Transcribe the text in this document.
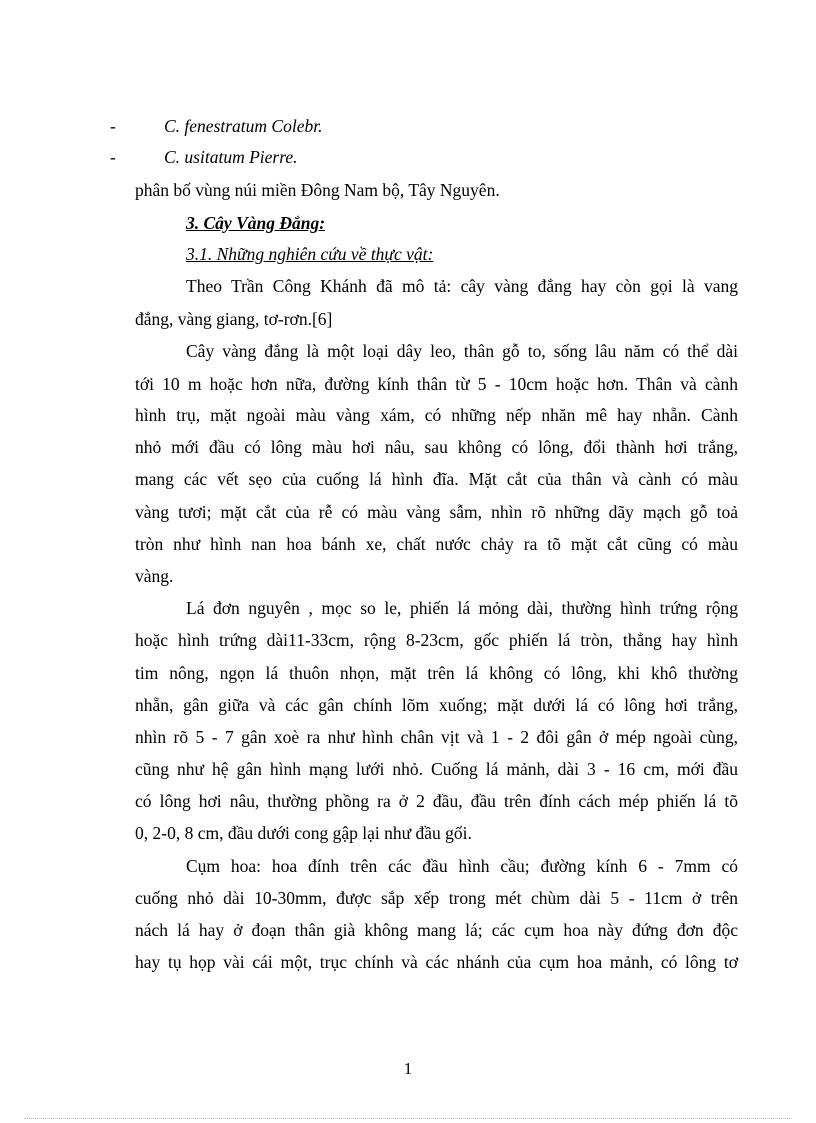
-	C. fenestratum Colebr.
-	C. usitatum Pierre.
phân bố vùng núi miền Đông Nam bộ, Tây Nguyên.
3. Cây Vàng Đắng:
3.1. Những nghiên cứu về thực vật:
Theo Trần Công Khánh đã mô tả: cây vàng đắng hay còn gọi là vang
đắng, vàng giang, tơ-rơn.[6]
Cây vàng đắng là một loại dây leo, thân gỗ to, sống lâu năm có thể dài
tới 10 m hoặc hơn nữa, đường kính thân từ 5 - 10cm hoặc hơn. Thân và cành
hình trụ, mặt ngoài màu vàng xám, có những nếp nhăn mê hay nhẵn. Cành
nhỏ mới đầu có lông màu hơi nâu, sau không có lông, đổi thành hơi trắng,
mang các vết sẹo của cuống lá hình đĩa. Mặt cắt của thân và cành có màu
vàng tươi; mặt cắt của rễ có màu vàng sẫm, nhìn rõ những dãy mạch gỗ toả
tròn như hình nan hoa bánh xe, chất nước chảy ra tõ mặt cắt cũng có màu
vàng.
Lá đơn nguyên , mọc so le, phiến lá mỏng dài, thường hình trứng rộng
hoặc hình trứng dài11-33cm, rộng 8-23cm, gốc phiến lá tròn, thẳng hay hình
tim nông, ngọn lá thuôn nhọn, mặt trên lá không có lông, khi khô thường
nhẵn, gân giữa và các gân chính lõm xuống; mặt dưới lá có lông hơi trắng,
nhìn rõ 5 - 7 gân xoè ra như hình chân vịt và 1 - 2 đôi gân ở mép ngoài cùng,
cũng như hệ gân hình mạng lưới nhỏ. Cuống lá mảnh, dài 3 - 16 cm, mới đầu
có lông hơi nâu, thường phồng ra ở 2 đầu, đầu trên đính cách mép phiến lá tõ
0, 2-0, 8 cm, đầu dưới cong gập lại như đầu gối.
Cụm hoa: hoa đính trên các đầu hình cầu; đường kính 6 - 7mm có
cuống nhỏ dài 10-30mm, được sắp xếp trong mét chùm dài 5 - 11cm ở trên
nách lá hay ở đoạn thân già không mang lá; các cụm hoa này đứng đơn độc
hay tụ họp vài cái một, trục chính và các nhánh của cụm hoa mảnh, có lông tơ
1
